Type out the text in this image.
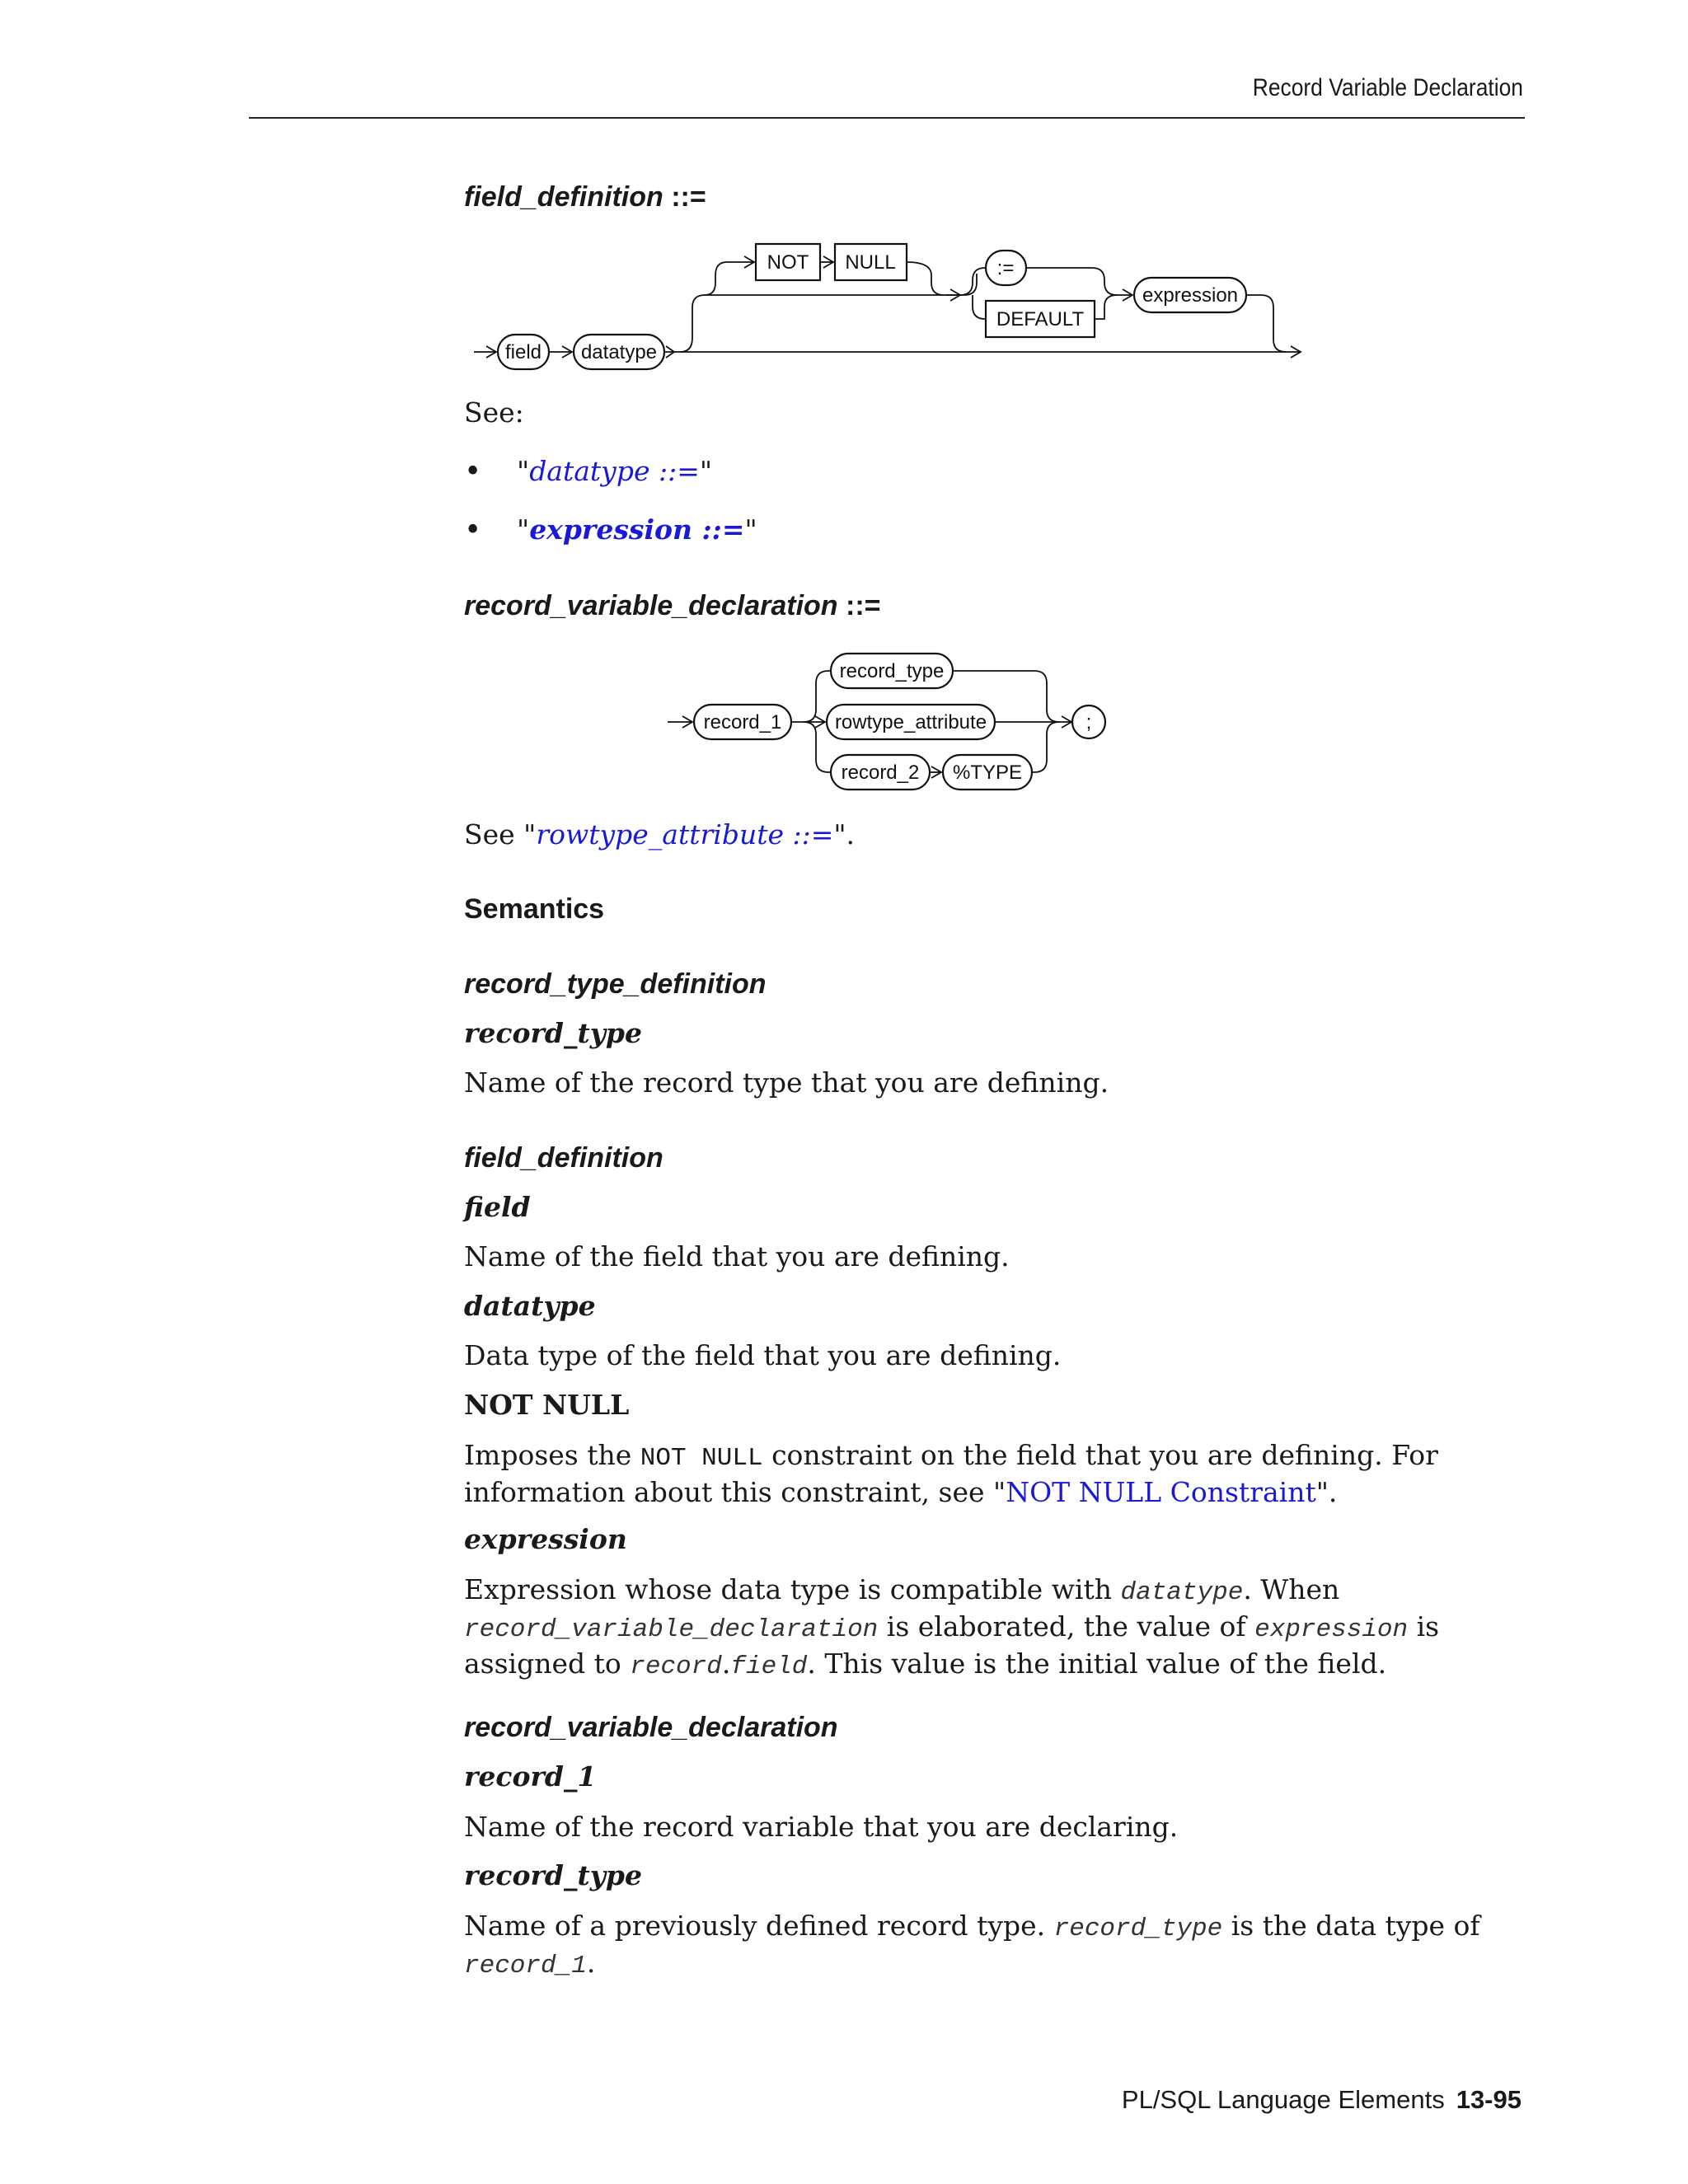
Record Variable Declaration
field_definition ::=
field datatype
NOT NULL	:=
DEFAULT
expression
See:
• "datatype ::="
• "expression ::="
record_variable_declaration ::=
record_1
record_type
rowtype_attribute
record_2 %TYPE
;
See "rowtype_attribute ::=".
Semantics
record_type_definition
record_type
Name of the record type that you are defining.
field_definition
field
Name of the field that you are defining.
datatype
Data type of the field that you are defining.
NOT NULL
Imposes the NOT NULL constraint on the field that you are defining. For information about this constraint, see "NOT NULL Constraint".
expression
Expression whose data type is compatible with datatype. When
record_variable_declaration is elaborated, the value of expression is assigned to record.field. This value is the initial value of the field.
record_variable_declaration
record_1
Name of the record variable that you are declaring.
record_type
Name of a previously defined record type. record_type is the data type of
record_1.
PL/SQL Language Elements 13-95
